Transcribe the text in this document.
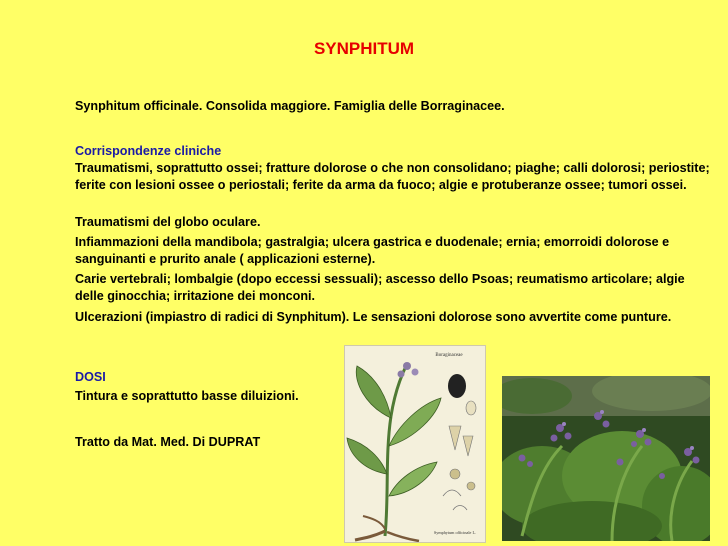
SYNPHITUM
Synphitum officinale. Consolida maggiore. Famiglia delle Borraginacee.
Corrispondenze cliniche
Traumatismi, soprattutto ossei; fratture dolorose o che non consolidano; piaghe; calli dolorosi; periostite; ferite con lesioni ossee o periostali; ferite da arma da fuoco; algie e protuberanze ossee; tumori ossei.
Traumatismi del globo oculare.
Infiammazioni della mandibola; gastralgia; ulcera gastrica e duodenale; ernia; emorroidi dolorose e sanguinanti e prurito anale ( applicazioni esterne).
Carie vertebrali; lombalgie (dopo eccessi sessuali); ascesso dello Psoas; reumatismo articolare; algie delle ginocchia; irritazione dei monconi.
Ulcerazioni (impiastro di radici di Synphitum). Le sensazioni dolorose sono avvertite come punture.
DOSI
Tintura e soprattutto basse diluizioni.
Tratto da Mat. Med. Di DUPRAT
Boraginaceae
Symphytum officinale L.
